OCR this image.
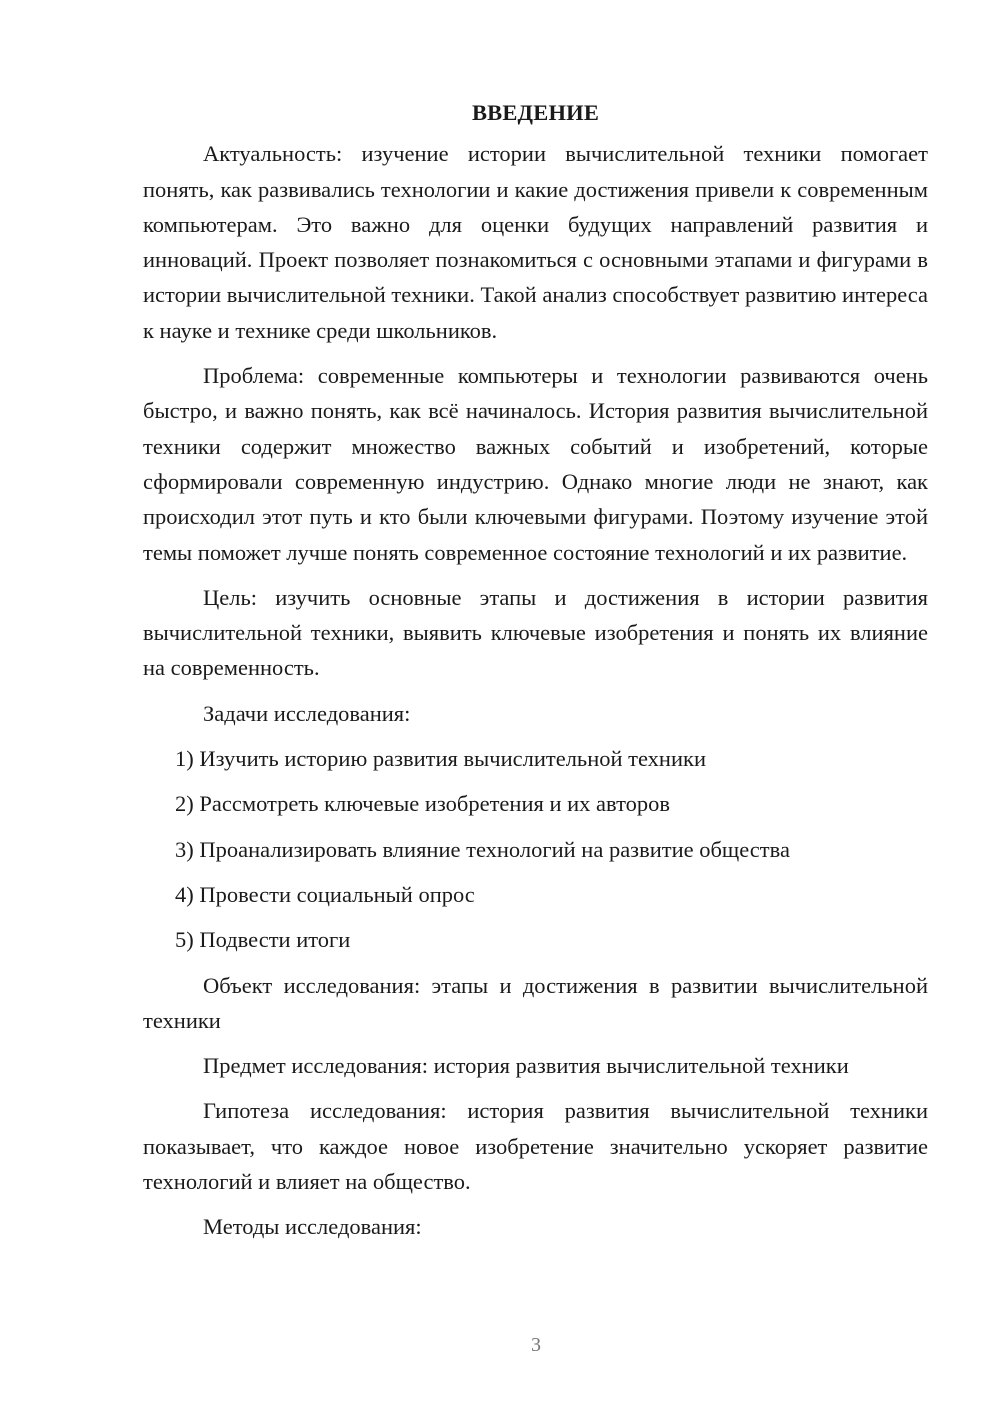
ВВЕДЕНИЕ

Актуальность: изучение истории вычислительной техники помогает понять, как развивались технологии и какие достижения привели к современным компьютерам. Это важно для оценки будущих направлений развития и инноваций. Проект позволяет познакомиться с основными этапами и фигурами в истории вычислительной техники. Такой анализ способствует развитию интереса к науке и технике среди школьников.

Проблема: современные компьютеры и технологии развиваются очень быстро, и важно понять, как всё начиналось. История развития вычислительной техники содержит множество важных событий и изобретений, которые сформировали современную индустрию. Однако многие люди не знают, как происходил этот путь и кто были ключевыми фигурами. Поэтому изучение этой темы поможет лучше понять современное состояние технологий и их развитие.

Цель: изучить основные этапы и достижения в истории развития вычислительной техники, выявить ключевые изобретения и понять их влияние на современность.

Задачи исследования:
1) Изучить историю развития вычислительной техники
2) Рассмотреть ключевые изобретения и их авторов
3) Проанализировать влияние технологий на развитие общества
4) Провести социальный опрос
5) Подвести итоги

Объект исследования: этапы и достижения в развитии вычислительной техники

Предмет исследования: история развития вычислительной техники

Гипотеза исследования: история развития вычислительной техники показывает, что каждое новое изобретение значительно ускоряет развитие технологий и влияет на общество.

Методы исследования:
3
